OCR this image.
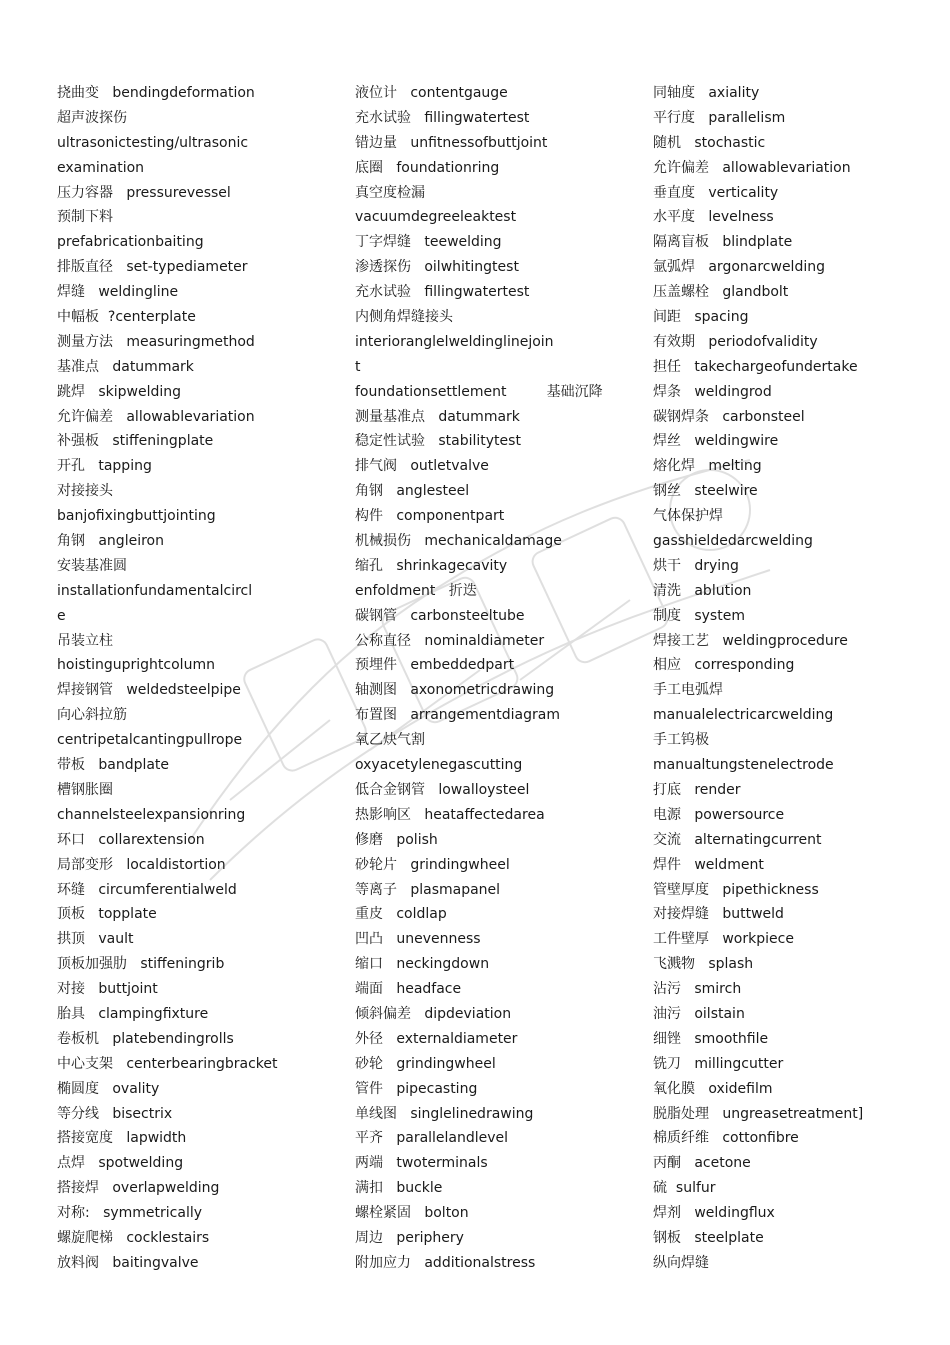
挠曲变   bendingdeformation
超声波探伤
ultrasonictesting/ultrasonic
examination
压力容器   pressurevessel
预制下料
prefabricationbaiting
排版直径   set-typediameter
焊缝   weldingline
中幅板  ?centerplate
测量方法   measuringmethod
基准点   datummark
跳焊   skipwelding
允许偏差   allowablevariation
补强板   stiffeningplate
开孔   tapping
对接接头
banjofixingbuttjointing
角钢   angleiron
安装基准圆
installationfundamentalcircl
e
吊装立柱
hoistinguprightcolumn
焊接钢管   weldedsteelpipe
向心斜拉筋
centripetalcantingpullrope
带板   bandplate
槽钢胀圈
channelsteelexpansionring
环口   collarextension
局部变形   localdistortion
环缝   circumferentialweld
顶板   topplate
拱顶   vault
顶板加强肋   stiffeningrib
对接   buttjoint
胎具   clampingfixture
卷板机   platebendingrolls
中心支架   centerbearingbracket
椭圆度   ovality
等分线   bisectrix
搭接宽度   lapwidth
点焊   spotwelding
搭接焊   overlapwelding
对称:   symmetrically
螺旋爬梯   cocklestairs
放料阀   baitingvalve
液位计   contentgauge
充水试验   fillingwatertest
错边量   unfitnessofbuttjoint
底圈   foundationring
真空度检漏
vacuumdegreeleaktest
丁字焊缝   teewelding
渗透探伤   oilwhitingtest
充水试验   fillingwatertest
内侧角焊缝接头
interioranglelweldinglinejoin
t
foundationsettlement         基础沉降
测量基准点   datummark
稳定性试验   stabilitytest
排气阀   outletvalve
角钢   anglesteel
构件   componentpart
机械损伤   mechanicaldamage
缩孔   shrinkagecavity
enfoldment   折迭
碳钢管   carbonsteeltube
公称直径   nominaldiameter
预埋件   embeddedpart
轴测图   axonometricdrawing
布置图   arrangementdiagram
氧乙炔气割
oxyacetylenegascutting
低合金钢管   lowalloysteel
热影响区   heataffectedarea
修磨   polish
砂轮片   grindingwheel
等离子   plasmapanel
重皮   coldlap
凹凸   unevenness
缩口   neckingdown
端面   headface
倾斜偏差   dipdeviation
外径   externaldiameter
砂轮   grindingwheel
管件   pipecasting
单线图   singlelinedrawing
平齐   parallelandlevel
两端   twoterminals
满扣   buckle
螺栓紧固   bolton
周边   periphery
附加应力   additionalstress
同轴度   axiality
平行度   parallelism
随机   stochastic
允许偏差   allowablevariation
垂直度   verticality
水平度   levelness
隔离盲板   blindplate
氩弧焊   argonarcwelding
压盖螺栓   glandbolt
间距   spacing
有效期   periodofvalidity
担任   takechargeofundertake
焊条   weldingrod
碳钢焊条   carbonsteel
焊丝   weldingwire
熔化焊   melting
钢丝   steelwire
气体保护焊
gasshieldedarcwelding
烘干   drying
清洗   ablution
制度   system
焊接工艺   weldingprocedure
相应   corresponding
手工电弧焊
manualelectricarcwelding
手工钨极
manualtungstenelectrode
打底   render
电源   powersource
交流   alternatingcurrent
焊件   weldment
管壁厚度   pipethickness
对接焊缝   buttweld
工件壁厚   workpiece
飞溅物   splash
沾污   smirch
油污   oilstain
细锉   smoothfile
铣刀   millingcutter
氧化膜   oxidefilm
脱脂处理   ungreasetreatment]
棉质纤维   cottonfibre
丙酮   acetone
硫  sulfur
焊剂   weldingflux
钢板   steelplate
纵向焊缝
